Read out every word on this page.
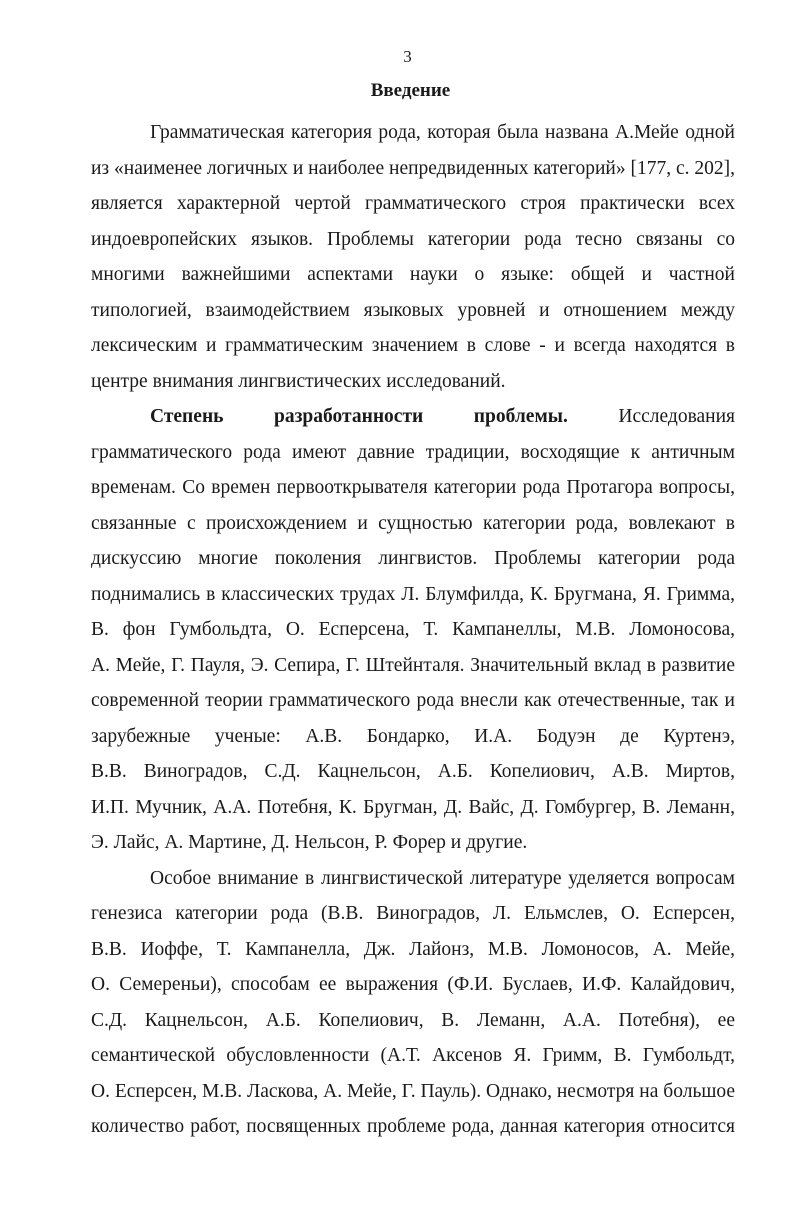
3
Введение
Грамматическая категория рода, которая была названа А.Мейе одной
из «наименее логичных и наиболее непредвиденных категорий» [177, с. 202],
является характерной чертой грамматического строя практически всех
индоевропейских языков. Проблемы категории рода тесно связаны со
многими важнейшими аспектами науки о языке: общей и частной
типологией, взаимодействием языковых уровней и отношением между
лексическим и грамматическим значением в слове - и всегда находятся в
центре внимания лингвистических исследований.
Степень разработанности проблемы.	Исследования
грамматического рода имеют давние традиции, восходящие к античным
временам. Со времен первооткрывателя категории рода Протагора вопросы,
связанные с происхождением и сущностью категории рода, вовлекают в
дискуссию многие поколения лингвистов. Проблемы категории рода
поднимались в классических трудах Л. Блумфилда, К. Бругмана, Я. Гримма,
В. фон Гумбольдта, О. Есперсена, Т. Кампанеллы, М.В. Ломоносова,
А. Мейе, Г. Пауля, Э. Сепира, Г. Штейнталя. Значительный вклад в развитие
современной теории грамматического рода внесли как отечественные, так и
зарубежные ученые: А.В. Бондарко, И.А. Бодуэн де Куртенэ,
В.В. Виноградов, С.Д. Кацнельсон, А.Б. Копелиович, А.В. Миртов,
И.П. Мучник, А.А. Потебня, К. Бругман, Д. Вайс, Д. Гомбургер, В. Леманн,
Э. Лайс, А. Мартине, Д. Нельсон, Р. Форер и другие.
Особое внимание в лингвистической литературе уделяется вопросам
генезиса категории рода (В.В. Виноградов, Л. Ельмслев, О. Есперсен,
В.В. Иоффе, Т. Кампанелла, Дж. Лайонз, М.В. Ломоносов, А. Мейе,
О. Семереньи), способам ее выражения (Ф.И. Буслаев, И.Ф. Калайдович,
С.Д. Кацнельсон, А.Б. Копелиович, В. Леманн, А.А. Потебня), ее
семантической обусловленности (А.Т. Аксенов Я. Гримм, В. Гумбольдт,
О. Есперсен, М.В. Ласкова, А. Мейе, Г. Пауль). Однако, несмотря на большое
количество работ, посвященных проблеме рода, данная категория относится
